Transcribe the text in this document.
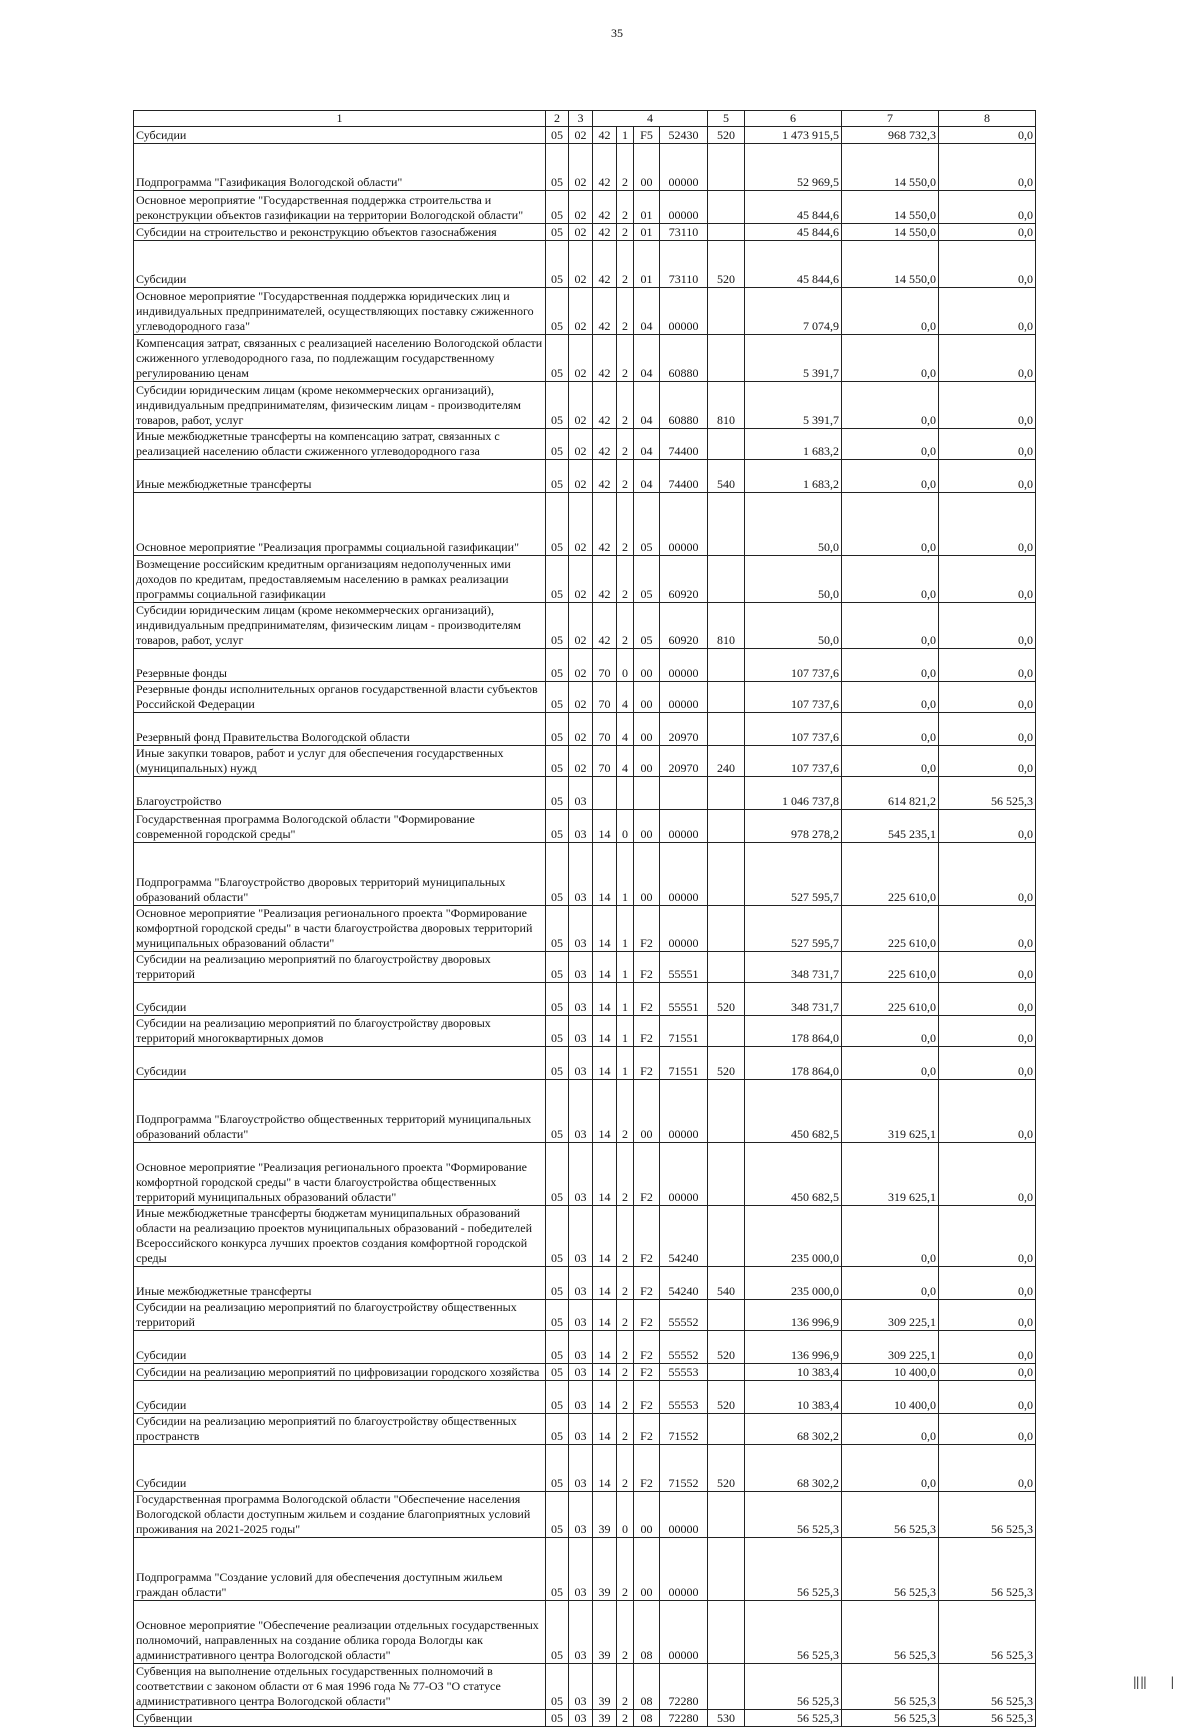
35
1	2	3	4				5	6	7	8
Субсидии	05	02	42	1	F5	52430	520	1 473 915,5	968 732,3	0,0
Подпрограмма "Газификация Вологодской области"	05	02	42	2	00	00000		52 969,5	14 550,0	0,0
Основное мероприятие "Государственная поддержка строительства и реконструкции объектов газификации на территории Вологодской области"	05	02	42	2	01	00000		45 844,6	14 550,0	0,0
Субсидии на строительство и реконструкцию объектов газоснабжения	05	02	42	2	01	73110		45 844,6	14 550,0	0,0
Субсидии	05	02	42	2	01	73110	520	45 844,6	14 550,0	0,0
Основное мероприятие "Государственная поддержка юридических лиц и индивидуальных предпринимателей, осуществляющих поставку сжиженного углеводородного газа"	05	02	42	2	04	00000		7 074,9	0,0	0,0
Компенсация затрат, связанных с реализацией населению Вологодской области сжиженного углеводородного газа, по подлежащим государственному регулированию ценам	05	02	42	2	04	60880		5 391,7	0,0	0,0
Субсидии юридическим лицам (кроме некоммерческих организаций), индивидуальным предпринимателям, физическим лицам - производителям товаров, работ, услуг	05	02	42	2	04	60880	810	5 391,7	0,0	0,0
Иные межбюджетные трансферты на компенсацию затрат, связанных с реализацией населению области сжиженного углеводородного газа	05	02	42	2	04	74400		1 683,2	0,0	0,0
Иные межбюджетные трансферты	05	02	42	2	04	74400	540	1 683,2	0,0	0,0
Основное мероприятие "Реализация программы социальной газификации"	05	02	42	2	05	00000		50,0	0,0	0,0
Возмещение российским кредитным организациям недополученных ими доходов по кредитам, предоставляемым населению в рамках реализации программы социальной газификации	05	02	42	2	05	60920		50,0	0,0	0,0
Субсидии юридическим лицам (кроме некоммерческих организаций), индивидуальным предпринимателям, физическим лицам - производителям товаров, работ, услуг	05	02	42	2	05	60920	810	50,0	0,0	0,0
Резервные фонды	05	02	70	0	00	00000		107 737,6	0,0	0,0
Резервные фонды исполнительных органов государственной власти субъектов Российской Федерации	05	02	70	4	00	00000		107 737,6	0,0	0,0
Резервный фонд Правительства Вологодской области	05	02	70	4	00	20970		107 737,6	0,0	0,0
Иные закупки товаров, работ и услуг для обеспечения государственных (муниципальных) нужд	05	02	70	4	00	20970	240	107 737,6	0,0	0,0
Благоустройство	05	03						1 046 737,8	614 821,2	56 525,3
Государственная программа Вологодской области "Формирование современной городской среды"	05	03	14	0	00	00000		978 278,2	545 235,1	0,0
Подпрограмма "Благоустройство дворовых территорий муниципальных образований области"	05	03	14	1	00	00000		527 595,7	225 610,0	0,0
Основное мероприятие "Реализация регионального проекта "Формирование комфортной городской среды" в части благоустройства дворовых территорий муниципальных образований области"	05	03	14	1	F2	00000		527 595,7	225 610,0	0,0
Субсидии на реализацию мероприятий по благоустройству дворовых территорий	05	03	14	1	F2	55551		348 731,7	225 610,0	0,0
Субсидии	05	03	14	1	F2	55551	520	348 731,7	225 610,0	0,0
Субсидии на реализацию мероприятий по благоустройству дворовых территорий многоквартирных домов	05	03	14	1	F2	71551		178 864,0	0,0	0,0
Субсидии	05	03	14	1	F2	71551	520	178 864,0	0,0	0,0
Подпрограмма "Благоустройство общественных территорий муниципальных образований области"	05	03	14	2	00	00000		450 682,5	319 625,1	0,0
Основное мероприятие "Реализация регионального проекта "Формирование комфортной городской среды" в части благоустройства общественных территорий муниципальных образований области"	05	03	14	2	F2	00000		450 682,5	319 625,1	0,0
Иные межбюджетные трансферты бюджетам муниципальных образований области на реализацию проектов муниципальных образований - победителей Всероссийского конкурса лучших проектов создания комфортной городской среды	05	03	14	2	F2	54240		235 000,0	0,0	0,0
Иные межбюджетные трансферты	05	03	14	2	F2	54240	540	235 000,0	0,0	0,0
Субсидии на реализацию мероприятий по благоустройству общественных территорий	05	03	14	2	F2	55552		136 996,9	309 225,1	0,0
Субсидии	05	03	14	2	F2	55552	520	136 996,9	309 225,1	0,0
Субсидии на реализацию мероприятий по цифровизации городского хозяйства	05	03	14	2	F2	55553		10 383,4	10 400,0	0,0
Субсидии	05	03	14	2	F2	55553	520	10 383,4	10 400,0	0,0
Субсидии на реализацию мероприятий по благоустройству общественных пространств	05	03	14	2	F2	71552		68 302,2	0,0	0,0
Субсидии	05	03	14	2	F2	71552	520	68 302,2	0,0	0,0
Государственная программа Вологодской области "Обеспечение населения Вологодской области доступным жильем и создание благоприятных условий проживания на 2021-2025 годы"	05	03	39	0	00	00000		56 525,3	56 525,3	56 525,3
Подпрограмма "Создание условий для обеспечения доступным жильем граждан области"	05	03	39	2	00	00000		56 525,3	56 525,3	56 525,3
Основное мероприятие "Обеспечение реализации отдельных государственных полномочий, направленных на создание облика города Вологды как административного центра Вологодской области"	05	03	39	2	08	00000		56 525,3	56 525,3	56 525,3
Субвенция на выполнение отдельных государственных полномочий в соответствии с законом области от 6 мая 1996 года № 77-ОЗ "О статусе административного центра Вологодской области"	05	03	39	2	08	72280		56 525,3	56 525,3	56 525,3
Субвенции	05	03	39	2	08	72280	530	56 525,3	56 525,3	56 525,3
‖‖   |
